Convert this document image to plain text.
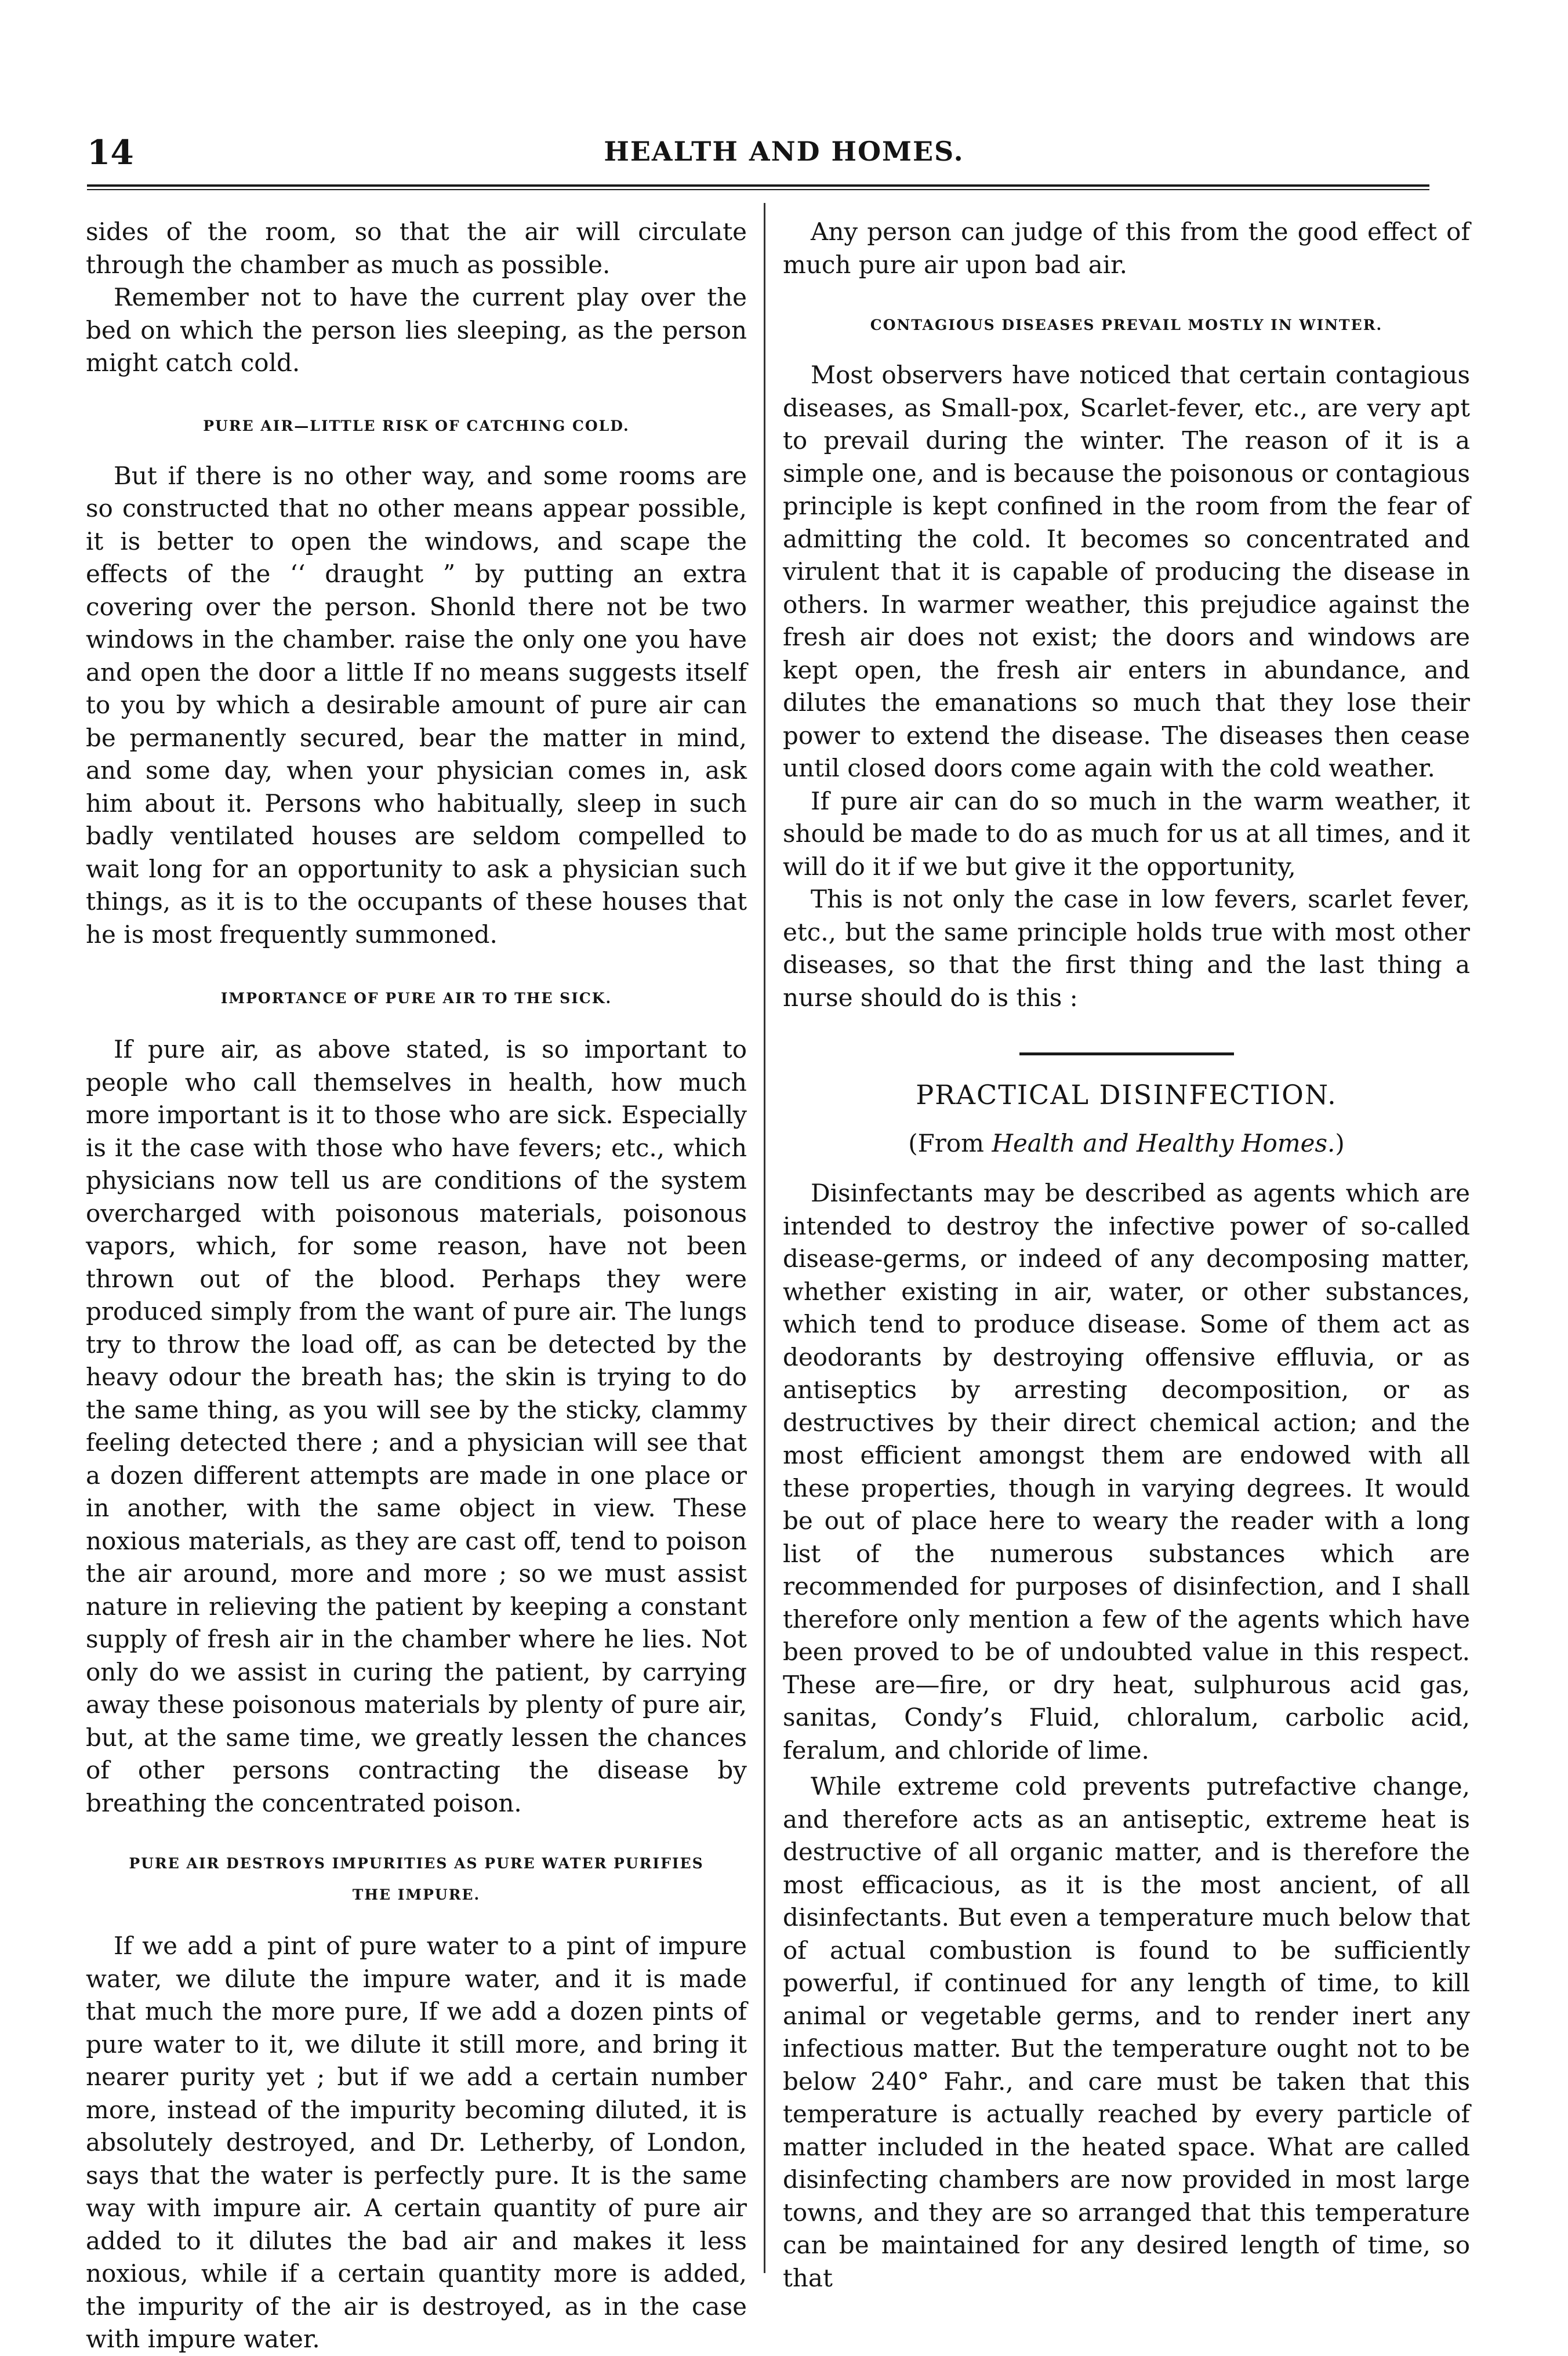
14	HEALTH AND HOMES.

sides of the room, so that the air will circulate through the chamber as much as possible.

Remember not to have the current play over the bed on which the person lies sleeping, as the person might catch cold.

PURE AIR—LITTLE RISK OF CATCHING COLD.

But if there is no other way, and some rooms are so constructed that no other means appear possible, it is better to open the windows, and scape the effects of the ‘‘ draught ” by putting an extra covering over the person. Shonld there not be two windows in the chamber. raise the only one you have and open the door a little If no means suggests itself to you by which a desirable amount of pure air can be permanently secured, bear the matter in mind, and some day, when your physician comes in, ask him about it. Persons who habitually, sleep in such badly ventilated houses are seldom compelled to wait long for an opportunity to ask a physician such things, as it is to the occupants of these houses that he is most frequently summoned.

IMPORTANCE OF PURE AIR TO THE SICK.

If pure air, as above stated, is so important to people who call themselves in health, how much more important is it to those who are sick. Especially is it the case with those who have fevers; etc., which physicians now tell us are conditions of the system overcharged with poisonous materials, poisonous vapors, which, for some reason, have not been thrown out of the blood. Perhaps they were produced simply from the want of pure air. The lungs try to throw the load off, as can be detected by the heavy odour the breath has; the skin is trying to do the same thing, as you will see by the sticky, clammy feeling detected there ; and a physician will see that a dozen different attempts are made in one place or in another, with the same object in view. These noxious materials, as they are cast off, tend to poison the air around, more and more ; so we must assist nature in relieving the patient by keeping a constant supply of fresh air in the chamber where he lies. Not only do we assist in curing the patient, by carrying away these poisonous materials by plenty of pure air, but, at the same time, we greatly lessen the chances of other persons contracting the disease by breathing the concentrated poison.

PURE AIR DESTROYS IMPURITIES AS PURE WATER PURIFIES

THE IMPURE.

If we add a pint of pure water to a pint of impure water, we dilute the impure water, and it is made that much the more pure, If we add a dozen pints of pure water to it, we dilute it still more, and bring it nearer purity yet ; but if we add a certain number more, instead of the impurity becoming diluted, it is absolutely destroyed, and Dr. Letherby, of London, says that the water is perfectly pure. It is the same way with impure air. A certain quantity of pure air added to it dilutes the bad air and makes it less noxious, while if a certain quantity more is added, the impurity of the air is destroyed, as in the case with impure water.

Any person can judge of this from the good effect of much pure air upon bad air.

CONTAGIOUS DISEASES PREVAIL MOSTLY IN WINTER.

Most observers have noticed that certain contagious diseases, as Small-pox, Scarlet-fever, etc., are very apt to prevail during the winter. The reason of it is a simple one, and is because the poisonous or contagious principle is kept confined in the room from the fear of admitting the cold. It becomes so concentrated and virulent that it is capable of producing the disease in others. In warmer weather, this prejudice against the fresh air does not exist; the doors and windows are kept open, the fresh air enters in abundance, and dilutes the emanations so much that they lose their power to extend the disease. The diseases then cease until closed doors come again with the cold weather.

If pure air can do so much in the warm weather, it should be made to do as much for us at all times, and it will do it if we but give it the opportunity,

This is not only the case in low fevers, scarlet fever, etc., but the same principle holds true with most other diseases, so that the first thing and the last thing a nurse should do is this :

PRACTICAL DISINFECTION.

(From Health and Healthy Homes.)

Disinfectants may be described as agents which are intended to destroy the infective power of so-called disease-germs, or indeed of any decomposing matter, whether existing in air, water, or other substances, which tend to produce disease. Some of them act as deodorants by destroying offensive effluvia, or as antiseptics by arresting decomposition, or as destructives by their direct chemical action; and the most efficient amongst them are endowed with all these properties, though in varying degrees. It would be out of place here to weary the reader with a long list of the numerous substances which are recommended for purposes of disinfection, and I shall therefore only mention a few of the agents which have been proved to be of undoubted value in this respect. These are—fire, or dry heat, sulphurous acid gas, sanitas, Condy’s Fluid, chloralum, carbolic acid, feralum, and chloride of lime.

While extreme cold prevents putrefactive change, and therefore acts as an antiseptic, extreme heat is destructive of all organic matter, and is therefore the most efficacious, as it is the most ancient, of all disinfectants. But even a temperature much below that of actual combustion is found to be sufficiently powerful, if continued for any length of time, to kill animal or vegetable germs, and to render inert any infectious matter. But the temperature ought not to be below 240° Fahr., and care must be taken that this temperature is actually reached by every particle of matter included in the heated space. What are called disinfecting chambers are now provided in most large towns, and they are so arranged that this temperature can be maintained for any desired length of time, so that
